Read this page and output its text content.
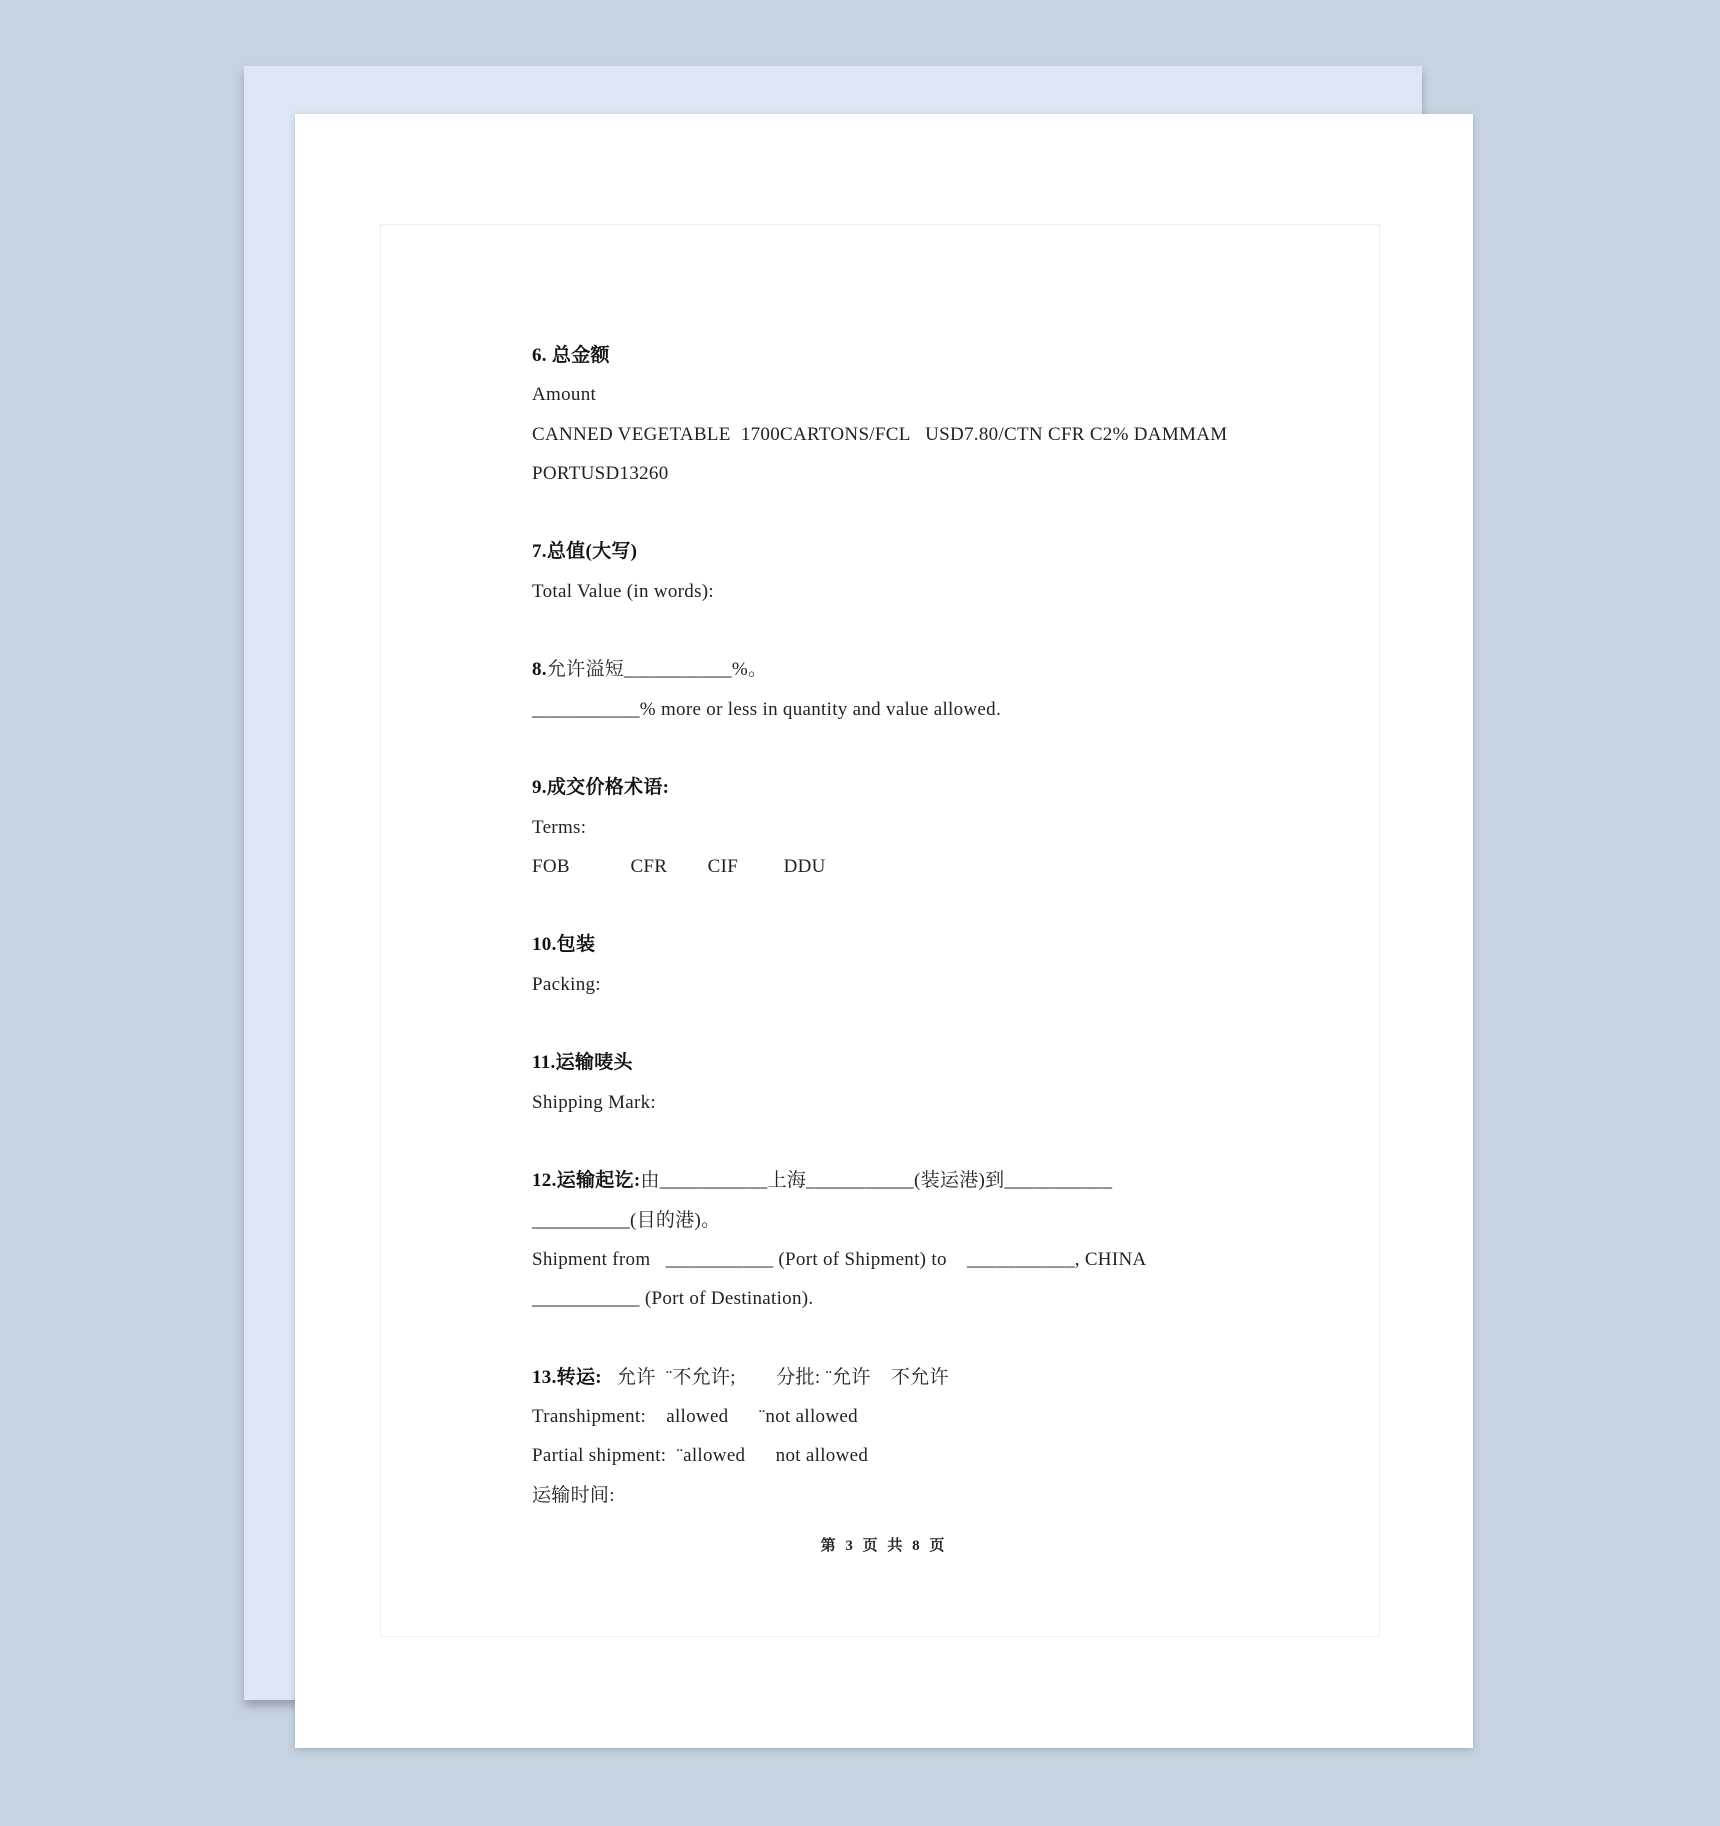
6. 总金额
Amount
CANNED VEGETABLE  1700CARTONS/FCL   USD7.80/CTN CFR C2% DAMMAM
PORTUSD13260
7.总值(大写)
Total Value (in words):
8.允许溢短___________%。
___________% more or less in quantity and value allowed.
9.成交价格术语:
Terms:
FOB            CFR        CIF         DDU
10.包装
Packing:
11.运输唛头
Shipping Mark:
12.运输起讫:由___________上海___________(装运港)到___________
__________(目的港)。
Shipment from   ___________ (Port of Shipment) to    ___________, CHINA
___________ (Port of Destination).
13.转运:   允许  ¨不允许;        分批: ¨允许    不允许
Transhipment:    allowed      ¨not allowed
Partial shipment:  ¨allowed      not allowed
运输时间:
第 3 页 共 8 页
